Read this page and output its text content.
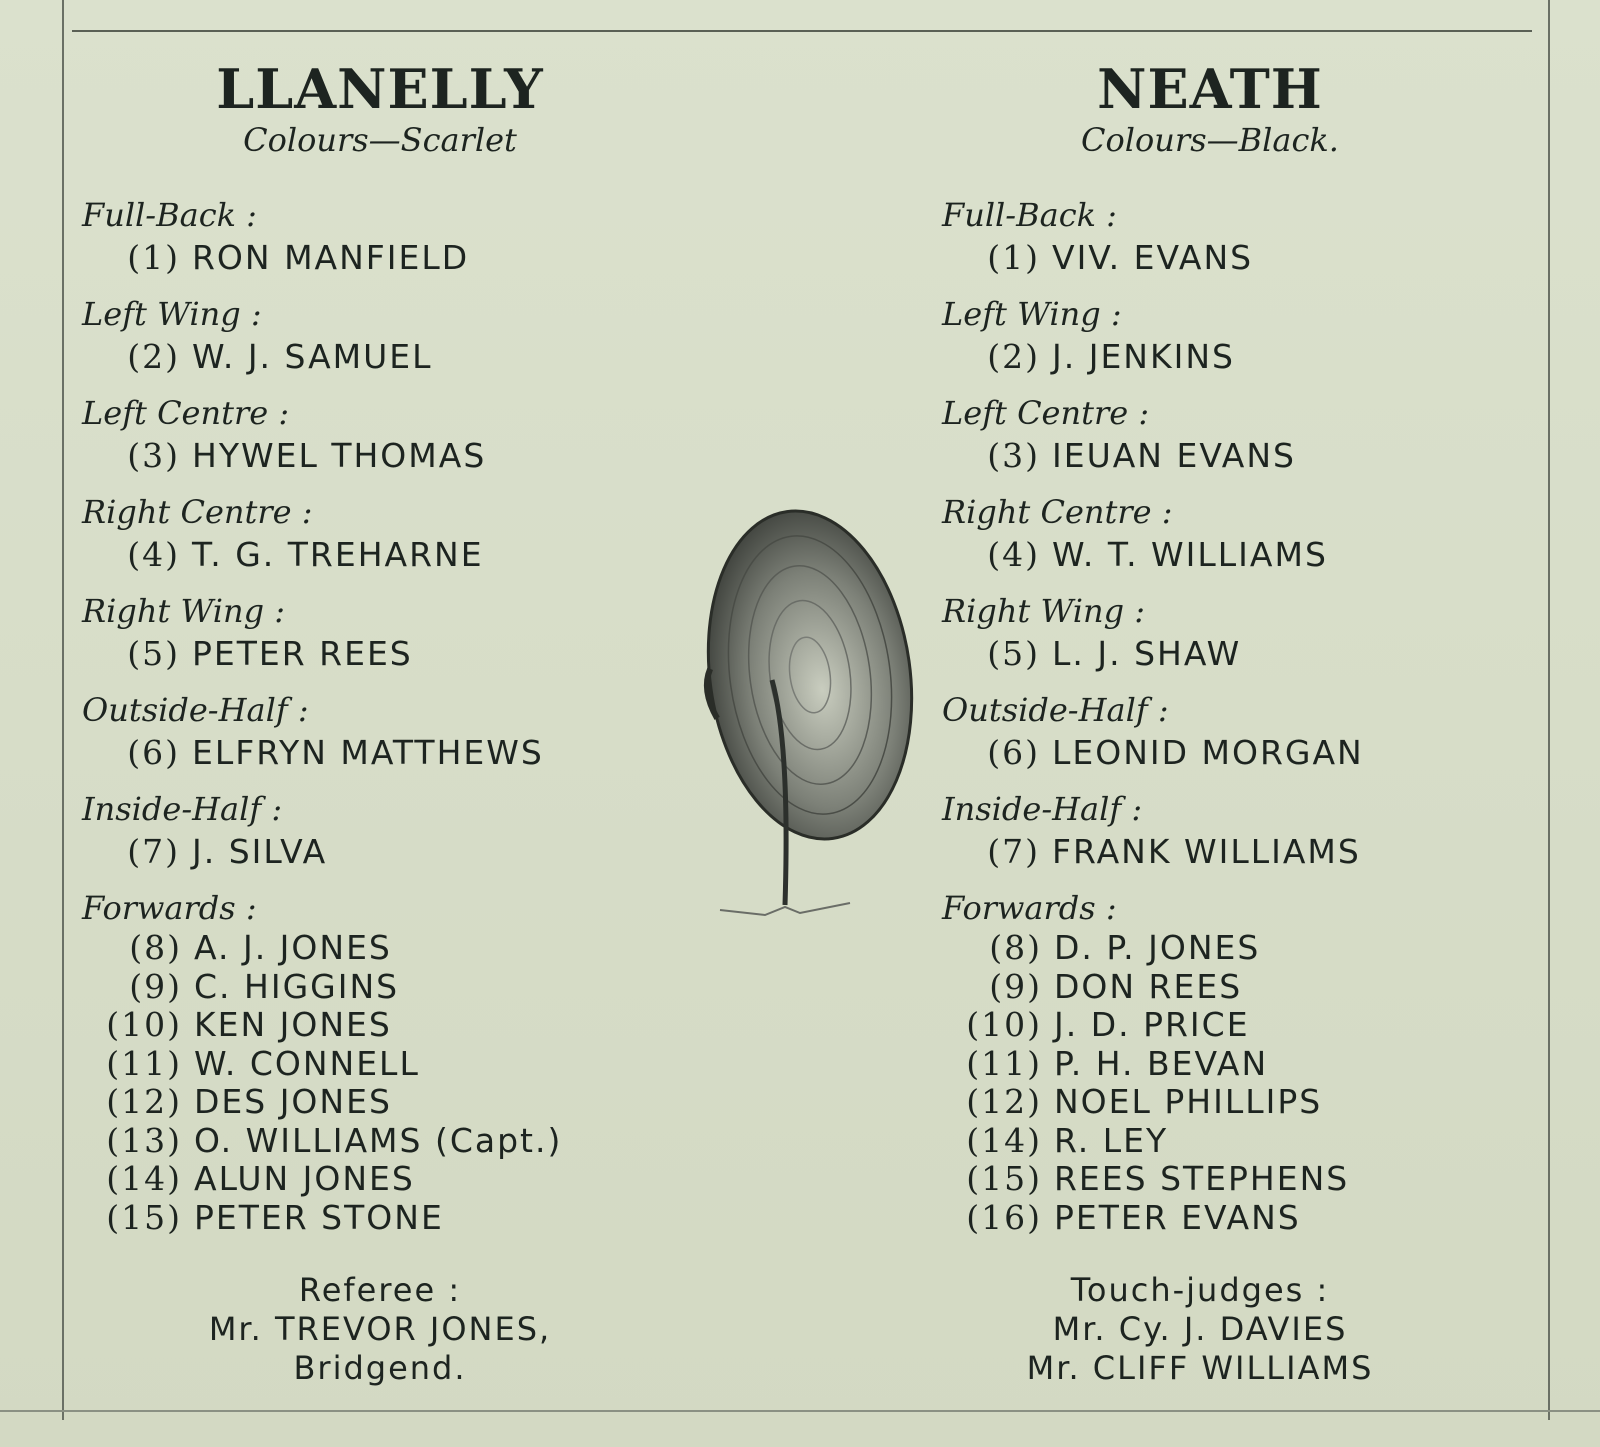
LLANELLY

Colours—Scarlet

Full-Back :
(1) RON MANFIELD
Left Wing :
(2) W. J. SAMUEL
Left Centre :
(3) HYWEL THOMAS
Right Centre :
(4) T. G. TREHARNE
Right Wing :
(5) PETER REES
Outside-Half :
(6) ELFRYN MATTHEWS
Inside-Half :
(7) J. SILVA
Forwards :
(8) A. J. JONES
(9) C. HIGGINS
(10) KEN JONES
(11) W. CONNELL
(12) DES JONES
(13) O. WILLIAMS (Capt.)
(14) ALUN JONES
(15) PETER STONE
Referee :
Mr. TREVOR JONES,
Bridgend.
NEATH

Colours—Black.

Full-Back :
(1) VIV. EVANS
Left Wing :
(2) J. JENKINS
Left Centre :
(3) IEUAN EVANS
Right Centre :
(4) W. T. WILLIAMS
Right Wing :
(5) L. J. SHAW
Outside-Half :
(6) LEONID MORGAN
Inside-Half :
(7) FRANK WILLIAMS
Forwards :
(8) D. P. JONES
(9) DON REES
(10) J. D. PRICE
(11) P. H. BEVAN
(12) NOEL PHILLIPS
(14) R. LEY
(15) REES STEPHENS
(16) PETER EVANS
Touch-judges :
Mr. Cy. J. DAVIES
Mr. CLIFF WILLIAMS
